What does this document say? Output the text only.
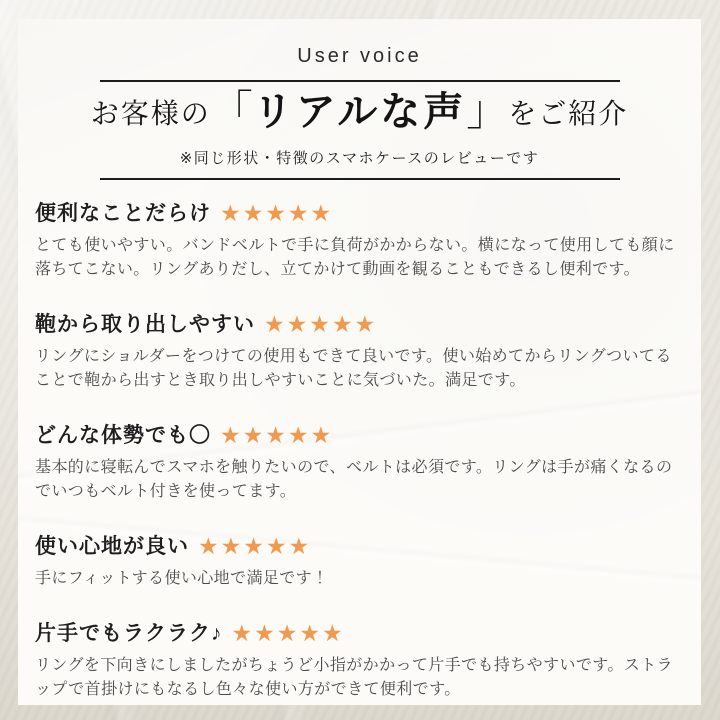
User voice
お客様の「リアルな声」をご紹介
※同じ形状・特徴のスマホケースのレビューです
便利なことだらけ ★★★★★
とても使いやすい。バンドベルトで手に負荷がかからない。横になって使用しても顔に落ちてこない。リングありだし、立てかけて動画を観ることもできるし便利です。
鞄から取り出しやすい ★★★★★
リングにショルダーをつけての使用もできて良いです。使い始めてからリングついてることで鞄から出すとき取り出しやすいことに気づいた。満足です。
どんな体勢でも〇 ★★★★★
基本的に寝転んでスマホを触りたいので、ベルトは必須です。リングは手が痛くなるのでいつもベルト付きを使ってます。
使い心地が良い ★★★★★
手にフィットする使い心地で満足です！
片手でもラクラク♪ ★★★★★
リングを下向きにしましたがちょうど小指がかかって片手でも持ちやすいです。ストラップで首掛けにもなるし色々な使い方ができて便利です。
